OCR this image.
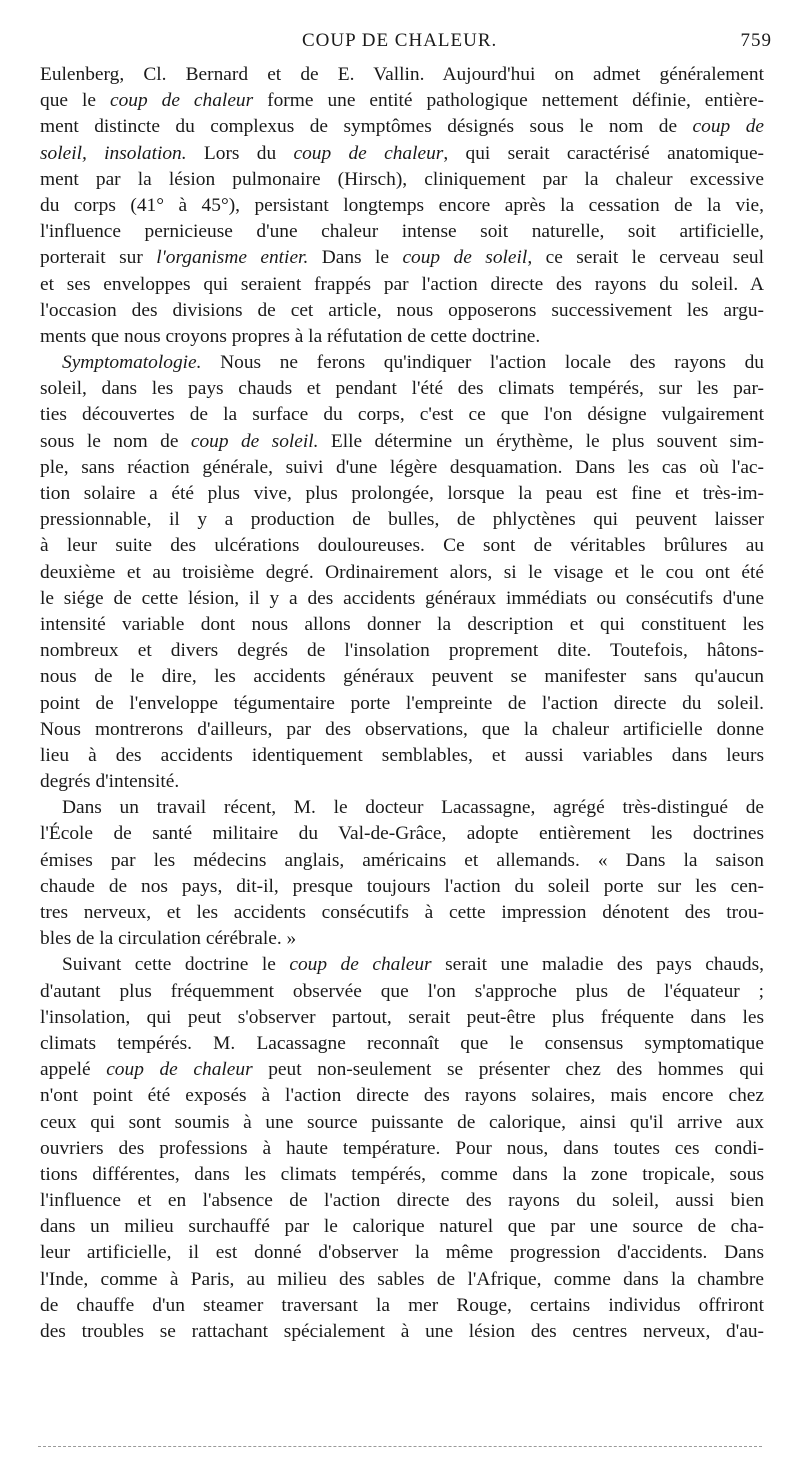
COUP DE CHALEUR.	759
Eulenberg, Cl. Bernard et de E. Vallin. Aujourd'hui on admet généralement
que le coup de chaleur forme une entité pathologique nettement définie, entière-
ment distincte du complexus de symptômes désignés sous le nom de coup de
soleil, insolation. Lors du coup de chaleur, qui serait caractérisé anatomique-
ment par la lésion pulmonaire (Hirsch), cliniquement par la chaleur excessive
du corps (41° à 45°), persistant longtemps encore après la cessation de la vie,
l'influence pernicieuse d'une chaleur intense soit naturelle, soit artificielle,
porterait sur l'organisme entier. Dans le coup de soleil, ce serait le cerveau seul
et ses enveloppes qui seraient frappés par l'action directe des rayons du soleil. A
l'occasion des divisions de cet article, nous opposerons successivement les argu-
ments que nous croyons propres à la réfutation de cette doctrine.
Symptomatologie. Nous ne ferons qu'indiquer l'action locale des rayons du
soleil, dans les pays chauds et pendant l'été des climats tempérés, sur les par-
ties découvertes de la surface du corps, c'est ce que l'on désigne vulgairement
sous le nom de coup de soleil. Elle détermine un érythème, le plus souvent sim-
ple, sans réaction générale, suivi d'une légère desquamation. Dans les cas où l'ac-
tion solaire a été plus vive, plus prolongée, lorsque la peau est fine et très-im-
pressionnable, il y a production de bulles, de phlyctènes qui peuvent laisser
à leur suite des ulcérations douloureuses. Ce sont de véritables brûlures au
deuxième et au troisième degré. Ordinairement alors, si le visage et le cou ont été
le siége de cette lésion, il y a des accidents généraux immédiats ou consécutifs d'une
intensité variable dont nous allons donner la description et qui constituent les
nombreux et divers degrés de l'insolation proprement dite. Toutefois, hâtons-
nous de le dire, les accidents généraux peuvent se manifester sans qu'aucun
point de l'enveloppe tégumentaire porte l'empreinte de l'action directe du soleil.
Nous montrerons d'ailleurs, par des observations, que la chaleur artificielle donne
lieu à des accidents identiquement semblables, et aussi variables dans leurs
degrés d'intensité.
Dans un travail récent, M. le docteur Lacassagne, agrégé très-distingué de
l'École de santé militaire du Val-de-Grâce, adopte entièrement les doctrines
émises par les médecins anglais, américains et allemands. « Dans la saison
chaude de nos pays, dit-il, presque toujours l'action du soleil porte sur les cen-
tres nerveux, et les accidents consécutifs à cette impression dénotent des trou-
bles de la circulation cérébrale. »
Suivant cette doctrine le coup de chaleur serait une maladie des pays chauds,
d'autant plus fréquemment observée que l'on s'approche plus de l'équateur ;
l'insolation, qui peut s'observer partout, serait peut-être plus fréquente dans les
climats tempérés. M. Lacassagne reconnaît que le consensus symptomatique
appelé coup de chaleur peut non-seulement se présenter chez des hommes qui
n'ont point été exposés à l'action directe des rayons solaires, mais encore chez
ceux qui sont soumis à une source puissante de calorique, ainsi qu'il arrive aux
ouvriers des professions à haute température. Pour nous, dans toutes ces condi-
tions différentes, dans les climats tempérés, comme dans la zone tropicale, sous
l'influence et en l'absence de l'action directe des rayons du soleil, aussi bien
dans un milieu surchauffé par le calorique naturel que par une source de cha-
leur artificielle, il est donné d'observer la même progression d'accidents. Dans
l'Inde, comme à Paris, au milieu des sables de l'Afrique, comme dans la chambre
de chauffe d'un steamer traversant la mer Rouge, certains individus offriront
des troubles se rattachant spécialement à une lésion des centres nerveux, d'au-
